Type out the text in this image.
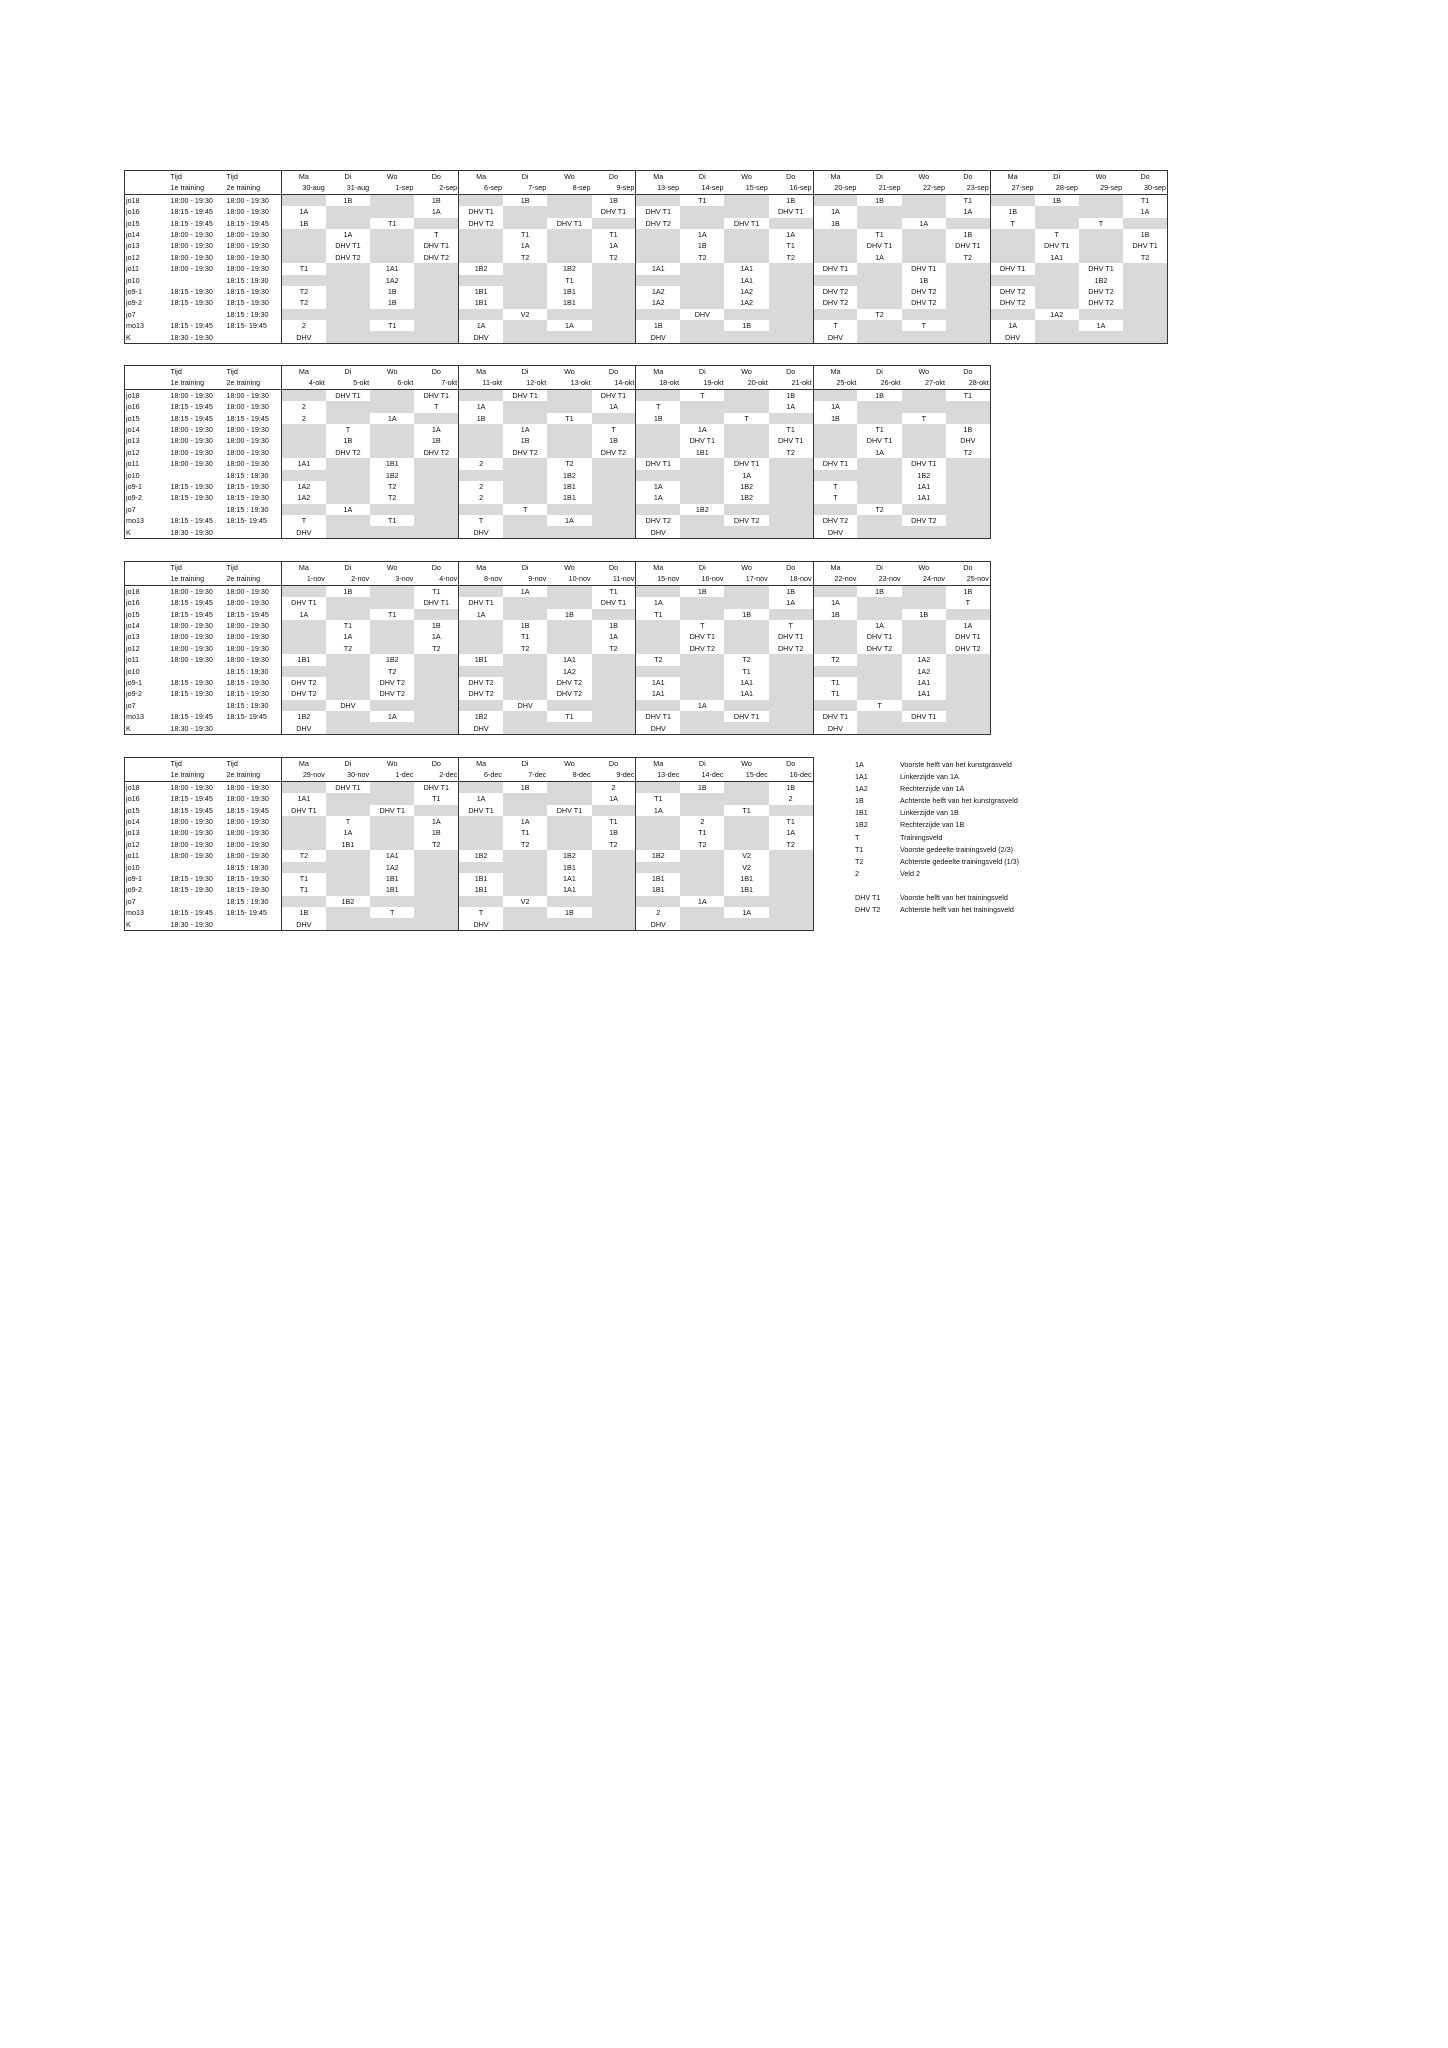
	Tijd	Tijd	Ma	Di	Wo	Do	Ma	Di	Wo	Do	Ma	Di	Wo	Do	Ma	Di	Wo	Do	Ma	Di	Wo	Do
	1e training	2e training	30-aug	31-aug	1-sep	2-sep	6-sep	7-sep	8-sep	9-sep	13-sep	14-sep	15-sep	16-sep	20-sep	21-sep	22-sep	23-sep	27-sep	28-sep	29-sep	30-sep
jo18	18:00 - 19:30	18:00 - 19:30		1B		1B		1B		1B		T1		1B		1B		T1		1B		T1
jo16	18:15 - 19:45	18:00 - 19:30	1A			1A	DHV T1			DHV T1	DHV T1			DHV T1	1A			1A	1B			1A
jo15	18:15 - 19:45	18:15 - 19:45	1B		T1		DHV T2		DHV T1		DHV T2		DHV T1		1B		1A		T		T	
jo14	18:00 - 19:30	18:00 - 19:30		1A		T		T1		T1		1A		1A		T1		1B		T		1B
jo13	18:00 - 19:30	18:00 - 19:30		DHV T1		DHV T1		1A		1A		1B		T1		DHV T1		DHV T1		DHV T1		DHV T1
jo12	18:00 - 19:30	18:00 - 19:30		DHV T2		DHV T2		T2		T2		T2		T2		1A		T2		1A1		T2
jo11	18:00 - 19:30	18:00 - 19:30	T1		1A1		1B2		1B2		1A1		1A1		DHV T1		DHV T1		DHV T1		DHV T1	
jo10		18:15 : 19:30			1A2				T1				1A1				1B				1B2	
jo9-1	18:15 - 19:30	18:15 - 19:30	T2		1B		1B1		1B1		1A2		1A2		DHV T2		DHV T2		DHV T2		DHV T2	
jo9-2	18:15 - 19:30	18:15 - 19:30	T2		1B		1B1		1B1		1A2		1A2		DHV T2		DHV T2		DHV T2		DHV T2	
jo7		18:15 : 19:30						V2				DHV				T2				1A2		
mo13	18:15 - 19:45	18:15- 19:45	2		T1		1A		1A		1B		1B		T		T		1A		1A	
K	18:30 - 19:30		DHV				DHV				DHV				DHV				DHV			
	Tijd	Tijd	Ma	Di	Wo	Do	Ma	Di	Wo	Do	Ma	Di	Wo	Do	Ma	Di	Wo	Do
	1e training	2e training	4-okt	5-okt	6-okt	7-okt	11-okt	12-okt	13-okt	14-okt	18-okt	19-okt	20-okt	21-okt	25-okt	26-okt	27-okt	28-okt
jo18	18:00 - 19:30	18:00 - 19:30		DHV T1		DHV T1		DHV T1		DHV T1		T		1B		1B		T1
jo16	18:15 - 19:45	18:00 - 19:30	2			T	1A			1A	T			1A	1A			
jo15	18:15 - 19:45	18:15 - 19:45	2		1A		1B		T1		1B		T		1B		T	
jo14	18:00 - 19:30	18:00 - 19:30		T		1A		1A		T		1A		T1		T1		1B
jo13	18:00 - 19:30	18:00 - 19:30		1B		1B		1B		1B		DHV T1		DHV T1		DHV T1		DHV
jo12	18:00 - 19:30	18:00 - 19:30		DHV T2		DHV T2		DHV T2		DHV T2		1B1		T2		1A		T2
jo11	18:00 - 19:30	18:00 - 19:30	1A1		1B1		2		T2		DHV T1		DHV T1		DHV T1		DHV T1	
jo10		18:15 : 19:30			1B2				1B2				1A				1B2	
jo9-1	18:15 - 19:30	18:15 - 19:30	1A2		T2		2		1B1		1A		1B2		T		1A1	
jo9-2	18:15 - 19:30	18:15 - 19:30	1A2		T2		2		1B1		1A		1B2		T		1A1	
jo7		18:15 : 19:30		1A				T				1B2				T2		
mo13	18:15 - 19:45	18:15- 19:45	T		T1		T		1A		DHV T2		DHV T2		DHV T2		DHV T2	
K	18:30 - 19:30		DHV				DHV				DHV				DHV			
	Tijd	Tijd	Ma	Di	Wo	Do	Ma	Di	Wo	Do	Ma	Di	Wo	Do	Ma	Di	Wo	Do
	1e training	2e training	1-nov	2-nov	3-nov	4-nov	8-nov	9-nov	10-nov	11-nov	15-nov	16-nov	17-nov	18-nov	22-nov	23-nov	24-nov	25-nov
jo18	18:00 - 19:30	18:00 - 19:30		1B		T1		1A		T1		1B		1B		1B		1B
jo16	18:15 - 19:45	18:00 - 19:30	DHV T1			DHV T1	DHV T1			DHV T1	1A			1A	1A			T
jo15	18:15 - 19:45	18:15 - 19:45	1A		T1		1A		1B		T1		1B		1B		1B	
jo14	18:00 - 19:30	18:00 - 19:30		T1		1B		1B		1B		T		T		1A		1A
jo13	18:00 - 19:30	18:00 - 19:30		1A		1A		T1		1A		DHV T1		DHV T1		DHV T1		DHV T1
jo12	18:00 - 19:30	18:00 - 19:30		T2		T2		T2		T2		DHV T2		DHV T2		DHV T2		DHV T2
jo11	18:00 - 19:30	18:00 - 19:30	1B1		1B2		1B1		1A1		T2		T2		T2		1A2	
jo10		18:15 : 19:30			T2				1A2				T1				1A2	
jo9-1	18:15 - 19:30	18:15 - 19:30	DHV T2		DHV T2		DHV T2		DHV T2		1A1		1A1		T1		1A1	
jo9-2	18:15 - 19:30	18:15 - 19:30	DHV T2		DHV T2		DHV T2		DHV T2		1A1		1A1		T1		1A1	
jo7		18:15 : 19:30		DHV				DHV				1A				T		
mo13	18:15 - 19:45	18:15- 19:45	1B2		1A		1B2		T1		DHV T1		DHV T1		DHV T1		DHV T1	
K	18:30 - 19:30		DHV				DHV				DHV				DHV			
	Tijd	Tijd	Ma	Di	Wo	Do	Ma	Di	Wo	Do	Ma	Di	Wo	Do
	1e training	2e training	29-nov	30-nov	1-dec	2-dec	6-dec	7-dec	8-dec	9-dec	13-dec	14-dec	15-dec	16-dec
jo18	18:00 - 19:30	18:00 - 19:30		DHV T1		DHV T1		1B		2		1B		1B
jo16	18:15 - 19:45	18:00 - 19:30	1A1			T1	1A			1A	T1			2
jo15	18:15 - 19:45	18:15 - 19:45	DHV T1		DHV T1		DHV T1		DHV T1		1A		T1	
jo14	18:00 - 19:30	18:00 - 19:30		T		1A		1A		T1		2		T1
jo13	18:00 - 19:30	18:00 - 19:30		1A		1B		T1		1B		T1		1A
jo12	18:00 - 19:30	18:00 - 19:30		1B1		T2		T2		T2		T2		T2
jo11	18:00 - 19:30	18:00 - 19:30	T2		1A1		1B2		1B2		1B2		V2	
jo10		18:15 : 19:30			1A2				1B1				V2	
jo9-1	18:15 - 19:30	18:15 - 19:30	T1		1B1		1B1		1A1		1B1		1B1	
jo9-2	18:15 - 19:30	18:15 - 19:30	T1		1B1		1B1		1A1		1B1		1B1	
jo7		18:15 : 19:30		1B2				V2				1A		
mo13	18:15 - 19:45	18:15- 19:45	1B		T		T		1B		2		1A	
K	18:30 - 19:30		DHV				DHV				DHV			
1A	Voorste helft van het kunstgrasveld
1A1	Linkerzijde van 1A
1A2	Rechterzijde van 1A
1B	Achterste helft van het kunstgrasveld
1B1	Linkerzijde van 1B
1B2	Rechterzijde van 1B
T	Trainingsveld
T1	Voorste gedeelte trainingsveld (2/3)
T2	Achterste gedeelte trainingsveld (1/3)
2	Veld 2
DHV T1	Voorste helft van het trainingsveld
DHV T2	Achterste helft van het trainingsveld
